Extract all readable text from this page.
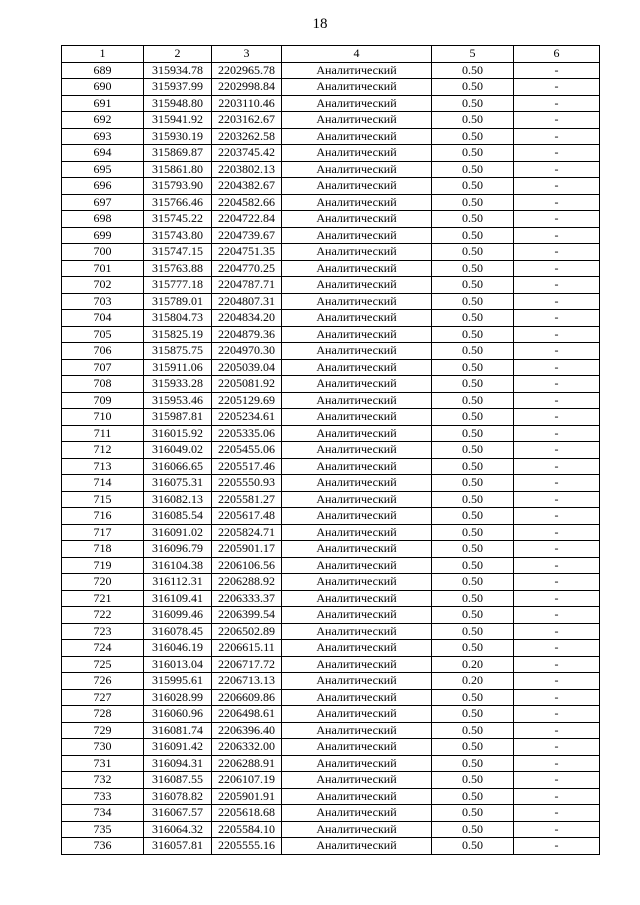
18
1	2	3	4	5	6
689	315934.78	2202965.78	Аналитический	0.50	-
690	315937.99	2202998.84	Аналитический	0.50	-
691	315948.80	2203110.46	Аналитический	0.50	-
692	315941.92	2203162.67	Аналитический	0.50	-
693	315930.19	2203262.58	Аналитический	0.50	-
694	315869.87	2203745.42	Аналитический	0.50	-
695	315861.80	2203802.13	Аналитический	0.50	-
696	315793.90	2204382.67	Аналитический	0.50	-
697	315766.46	2204582.66	Аналитический	0.50	-
698	315745.22	2204722.84	Аналитический	0.50	-
699	315743.80	2204739.67	Аналитический	0.50	-
700	315747.15	2204751.35	Аналитический	0.50	-
701	315763.88	2204770.25	Аналитический	0.50	-
702	315777.18	2204787.71	Аналитический	0.50	-
703	315789.01	2204807.31	Аналитический	0.50	-
704	315804.73	2204834.20	Аналитический	0.50	-
705	315825.19	2204879.36	Аналитический	0.50	-
706	315875.75	2204970.30	Аналитический	0.50	-
707	315911.06	2205039.04	Аналитический	0.50	-
708	315933.28	2205081.92	Аналитический	0.50	-
709	315953.46	2205129.69	Аналитический	0.50	-
710	315987.81	2205234.61	Аналитический	0.50	-
711	316015.92	2205335.06	Аналитический	0.50	-
712	316049.02	2205455.06	Аналитический	0.50	-
713	316066.65	2205517.46	Аналитический	0.50	-
714	316075.31	2205550.93	Аналитический	0.50	-
715	316082.13	2205581.27	Аналитический	0.50	-
716	316085.54	2205617.48	Аналитический	0.50	-
717	316091.02	2205824.71	Аналитический	0.50	-
718	316096.79	2205901.17	Аналитический	0.50	-
719	316104.38	2206106.56	Аналитический	0.50	-
720	316112.31	2206288.92	Аналитический	0.50	-
721	316109.41	2206333.37	Аналитический	0.50	-
722	316099.46	2206399.54	Аналитический	0.50	-
723	316078.45	2206502.89	Аналитический	0.50	-
724	316046.19	2206615.11	Аналитический	0.50	-
725	316013.04	2206717.72	Аналитический	0.20	-
726	315995.61	2206713.13	Аналитический	0.20	-
727	316028.99	2206609.86	Аналитический	0.50	-
728	316060.96	2206498.61	Аналитический	0.50	-
729	316081.74	2206396.40	Аналитический	0.50	-
730	316091.42	2206332.00	Аналитический	0.50	-
731	316094.31	2206288.91	Аналитический	0.50	-
732	316087.55	2206107.19	Аналитический	0.50	-
733	316078.82	2205901.91	Аналитический	0.50	-
734	316067.57	2205618.68	Аналитический	0.50	-
735	316064.32	2205584.10	Аналитический	0.50	-
736	316057.81	2205555.16	Аналитический	0.50	-
